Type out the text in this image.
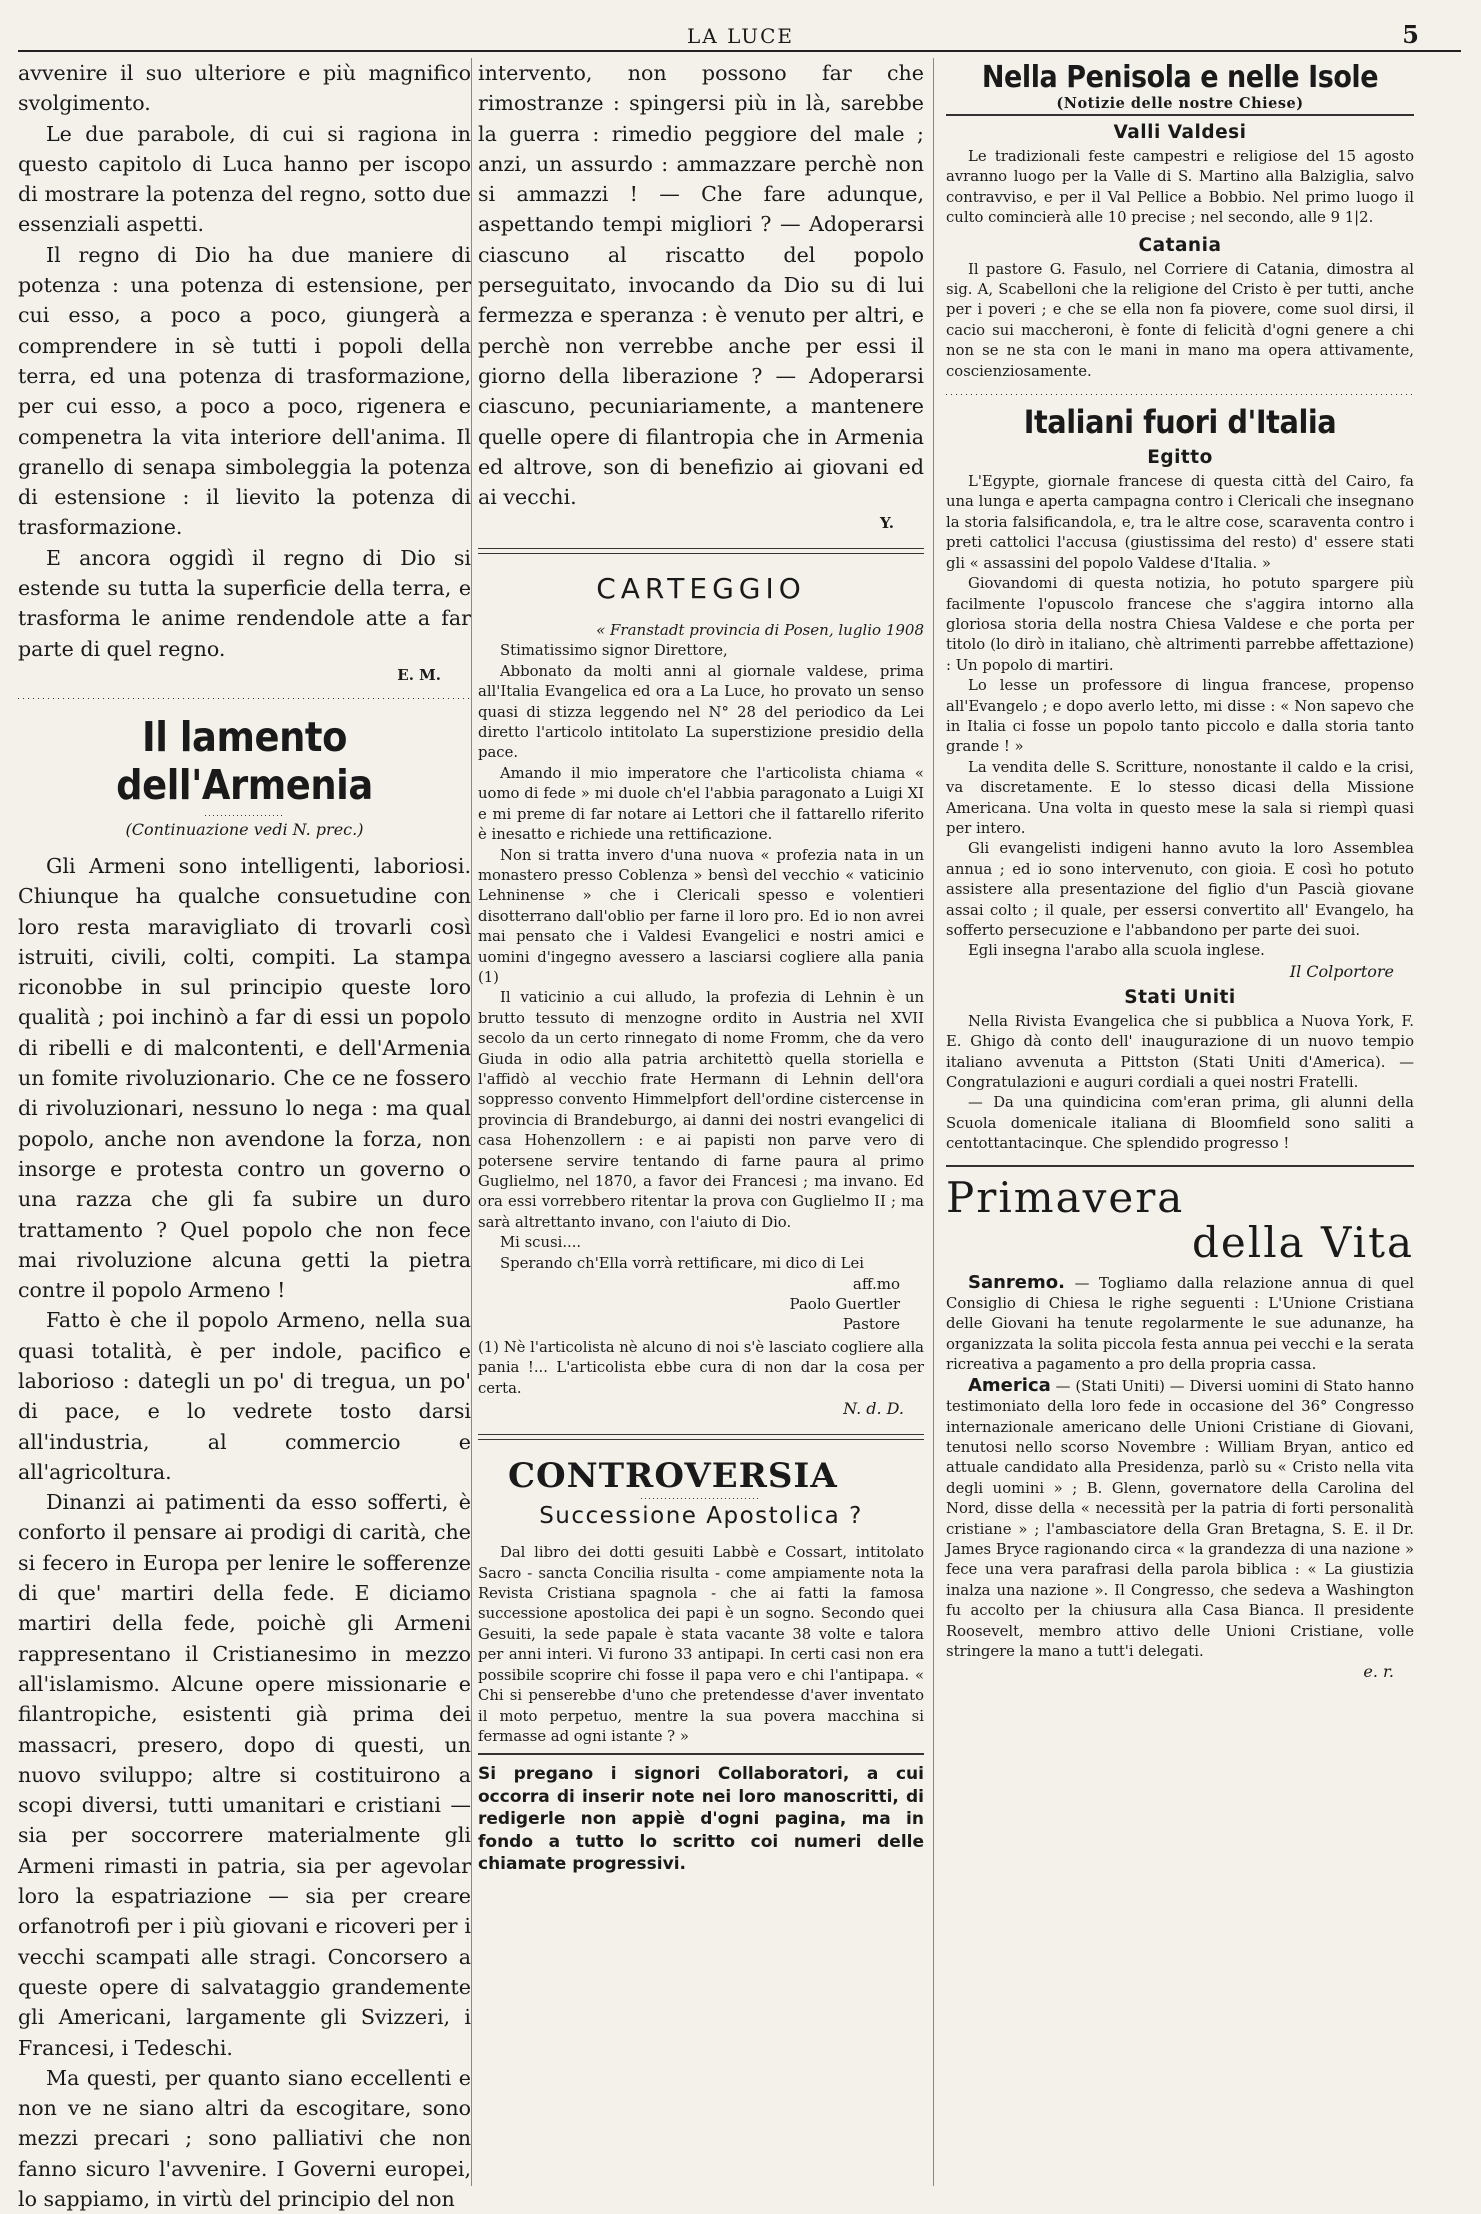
LA LUCE	5

avvenire il suo ulteriore e più magnifico svolgimento.

Le due parabole, di cui si ragiona in questo capitolo di Luca hanno per iscopo di mostrare la potenza del regno, sotto due essenziali aspetti.

Il regno di Dio ha due maniere di potenza : una potenza di estensione, per cui esso, a poco a poco, giungerà a comprendere in sè tutti i popoli della terra, ed una potenza di trasformazione, per cui esso, a poco a poco, rigenera e compenetra la vita interiore dell'anima. Il granello di senapa simboleggia la potenza di estensione : il lievito la potenza di trasformazione.

E ancora oggidì il regno di Dio si estende su tutta la superficie della terra, e trasforma le anime rendendole atte a far parte di quel regno.

E. M.
Il lamento dell'Armenia
(Continuazione vedi N. prec.)

Gli Armeni sono intelligenti, laboriosi. Chiunque ha qualche consuetudine con loro resta maravigliato di trovarli così istruiti, civili, colti, compiti. La stampa riconobbe in sul principio queste loro qualità ; poi inchinò a far di essi un popolo di ribelli e di malcontenti, e dell'Armenia un fomite rivoluzionario. Che ce ne fossero di rivoluzionari, nessuno lo nega : ma qual popolo, anche non avendone la forza, non insorge e protesta contro un governo o una razza che gli fa subire un duro trattamento ? Quel popolo che non fece mai rivoluzione alcuna getti la pietra contre il popolo Armeno !

Fatto è che il popolo Armeno, nella sua quasi totalità, è per indole, pacifico e laborioso : dategli un po' di tregua, un po' di pace, e lo vedrete tosto darsi all'industria, al commercio e all'agricoltura.

Dinanzi ai patimenti da esso sofferti, è conforto il pensare ai prodigi di carità, che si fecero in Europa per lenire le sofferenze di que' martiri della fede. E diciamo martiri della fede, poichè gli Armeni rappresentano il Cristianesimo in mezzo all'islamismo. Alcune opere missionarie e filantropiche, esistenti già prima dei massacri, presero, dopo di questi, un nuovo sviluppo; altre si costituirono a scopi diversi, tutti umanitari e cristiani — sia per soccorrere materialmente gli Armeni rimasti in patria, sia per agevolar loro la espatriazione — sia per creare orfanotrofi per i più giovani e ricoveri per i vecchi scampati alle stragi. Concorsero a queste opere di salvataggio grandemente gli Americani, largamente gli Svizzeri, i Francesi, i Tedeschi.

Ma questi, per quanto siano eccellenti e non ve ne siano altri da escogitare, sono mezzi precari ; sono palliativi che non fanno sicuro l'avvenire. I Governi europei, lo sappiamo, in virtù del principio del non

intervento, non possono far che rimostranze : spingersi più in là, sarebbe la guerra : rimedio peggiore del male ; anzi, un assurdo : ammazzare perchè non si ammazzi ! — Che fare adunque, aspettando tempi migliori ? — Adoperarsi ciascuno al riscatto del popolo perseguitato, invocando da Dio su di lui fermezza e speranza : è venuto per altri, e perchè non verrebbe anche per essi il giorno della liberazione ? — Adoperarsi ciascuno, pecuniariamente, a mantenere quelle opere di filantropia che in Armenia ed altrove, son di benefizio ai giovani ed ai vecchi.

Y.
CARTEGGIO
« Franstadt provincia di Posen, luglio 1908

Stimatissimo signor Direttore,

Abbonato da molti anni al giornale valdese, prima all'Italia Evangelica ed ora a La Luce, ho provato un senso quasi di stizza leggendo nel N° 28 del periodico da Lei diretto l'articolo intitolato La superstizione presidio della pace.

Amando il mio imperatore che l'articolista chiama « uomo di fede » mi duole ch'el l'abbia paragonato a Luigi XI e mi preme di far notare ai Lettori che il fattarello riferito è inesatto e richiede una rettificazione.

Non si tratta invero d'una nuova « profezia nata in un monastero presso Coblenza » bensì del vecchio « vaticinio Lehninense » che i Clericali spesso e volentieri disotterrano dall'oblio per farne il loro pro. Ed io non avrei mai pensato che i Valdesi Evangelici e nostri amici e uomini d'ingegno avessero a lasciarsi cogliere alla pania (1)

Il vaticinio a cui alludo, la profezia di Lehnin è un brutto tessuto di menzogne ordito in Austria nel XVII secolo da un certo rinnegato di nome Fromm, che da vero Giuda in odio alla patria architettò quella storiella e l'affidò al vecchio frate Hermann di Lehnin dell'ora soppresso convento Himmelpfort dell'ordine cistercense in provincia di Brandeburgo, ai danni dei nostri evangelici di casa Hohenzollern : e ai papisti non parve vero di potersene servire tentando di farne paura al primo Guglielmo, nel 1870, a favor dei Francesi ; ma invano. Ed ora essi vorrebbero ritentar la prova con Guglielmo II ; ma sarà altrettanto invano, con l'aiuto di Dio.

Mi scusi....

Sperando ch'Ella vorrà rettificare, mi dico di Lei

aff.mo
Paolo Guertler
Pastore

(1) Nè l'articolista nè alcuno di noi s'è lasciato cogliere alla pania !... L'articolista ebbe cura di non dar la cosa per certa.

N. d. D.
CONTROVERSIA
Successione Apostolica ?

Dal libro dei dotti gesuiti Labbè e Cossart, intitolato Sacro - sancta Concilia risulta - come ampiamente nota la Revista Cristiana spagnola - che ai fatti la famosa successione apostolica dei papi è un sogno. Secondo quei Gesuiti, la sede papale è stata vacante 38 volte e talora per anni interi. Vi furono 33 antipapi. In certi casi non era possibile scoprire chi fosse il papa vero e chi l'antipapa. « Chi si penserebbe d'uno che pretendesse d'aver inventato il moto perpetuo, mentre la sua povera macchina si fermasse ad ogni istante ? »

Si pregano i signori Collaboratori, a cui occorra di inserir note nei loro manoscritti, di redigerle non appiè d'ogni pagina, ma in fondo a tutto lo scritto coi numeri delle chiamate progressivi.

Nella Penisola e nelle Isole
(Notizie delle nostre Chiese)
Valli Valdesi

Le tradizionali feste campestri e religiose del 15 agosto avranno luogo per la Valle di S. Martino alla Balziglia, salvo contravviso, e per il Val Pellice a Bobbio. Nel primo luogo il culto comincierà alle 10 precise ; nel secondo, alle 9 1|2.

Catania

Il pastore G. Fasulo, nel Corriere di Catania, dimostra al sig. A, Scabelloni che la religione del Cristo è per tutti, anche per i poveri ; e che se ella non fa piovere, come suol dirsi, il cacio sui maccheroni, è fonte di felicità d'ogni genere a chi non se ne sta con le mani in mano ma opera attivamente, coscienziosamente.

Italiani fuori d'Italia
Egitto

L'Egypte, giornale francese di questa città del Cairo, fa una lunga e aperta campagna contro i Clericali che insegnano la storia falsificandola, e, tra le altre cose, scaraventa contro i preti cattolici l'accusa (giustissima del resto) d' essere stati gli « assassini del popolo Valdese d'Italia. »

Giovandomi di questa notizia, ho potuto spargere più facilmente l'opuscolo francese che s'aggira intorno alla gloriosa storia della nostra Chiesa Valdese e che porta per titolo (lo dirò in italiano, chè altrimenti parrebbe affettazione) : Un popolo di martiri.

Lo lesse un professore di lingua francese, propenso all'Evangelo ; e dopo averlo letto, mi disse : « Non sapevo che in Italia ci fosse un popolo tanto piccolo e dalla storia tanto grande ! »

La vendita delle S. Scritture, nonostante il caldo e la crisi, va discretamente. E lo stesso dicasi della Missione Americana. Una volta in questo mese la sala si riempì quasi per intero.

Gli evangelisti indigeni hanno avuto la loro Assemblea annua ; ed io sono intervenuto, con gioia. E così ho potuto assistere alla presentazione del figlio d'un Pascià giovane assai colto ; il quale, per essersi convertito all' Evangelo, ha sofferto persecuzione e l'abbandono per parte dei suoi.

Egli insegna l'arabo alla scuola inglese.

Il Colportore
Stati Uniti

Nella Rivista Evangelica che si pubblica a Nuova York, F. E. Ghigo dà conto dell' inaugurazione di un nuovo tempio italiano avvenuta a Pittston (Stati Uniti d'America). — Congratulazioni e auguri cordiali a quei nostri Fratelli.

— Da una quindicina com'eran prima, gli alunni della Scuola domenicale italiana di Bloomfield sono saliti a centottantacinque. Che splendido progresso !

Primavera
della Vita

Sanremo. — Togliamo dalla relazione annua di quel Consiglio di Chiesa le righe seguenti : L'Unione Cristiana delle Giovani ha tenute regolarmente le sue adunanze, ha organizzata la solita piccola festa annua pei vecchi e la serata ricreativa a pagamento a pro della propria cassa.

America — (Stati Uniti) — Diversi uomini di Stato hanno testimoniato della loro fede in occasione del 36° Congresso internazionale americano delle Unioni Cristiane di Giovani, tenutosi nello scorso Novembre : William Bryan, antico ed attuale candidato alla Presidenza, parlò su « Cristo nella vita degli uomini » ; B. Glenn, governatore della Carolina del Nord, disse della « necessità per la patria di forti personalità cristiane » ; l'ambasciatore della Gran Bretagna, S. E. il Dr. James Bryce ragionando circa « la grandezza di una nazione » fece una vera parafrasi della parola biblica : « La giustizia inalza una nazione ». Il Congresso, che sedeva a Washington fu accolto per la chiusura alla Casa Bianca. Il presidente Roosevelt, membro attivo delle Unioni Cristiane, volle stringere la mano a tutt'i delegati.

e. r.
